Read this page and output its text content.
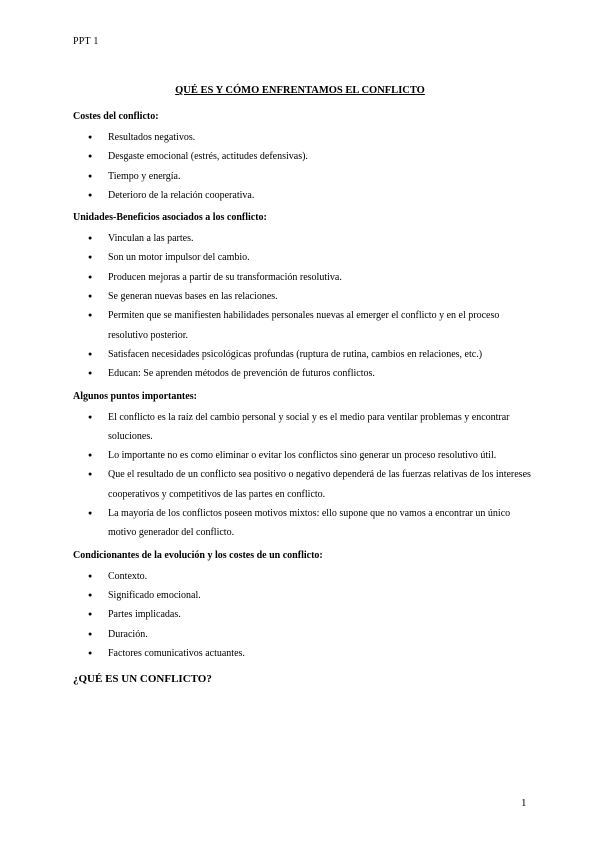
PPT 1
QUÉ ES Y CÓMO ENFRENTAMOS EL CONFLICTO

Costes del conflicto:

● Resultados negativos.
● Desgaste emocional (estrés, actitudes defensivas).
● Tiempo y energía.
● Deterioro de la relación cooperativa.

Unidades-Beneficios asociados a los conflicto:

● Vinculan a las partes.
● Son un motor impulsor del cambio.
● Producen mejoras a partir de su transformación resolutiva.
● Se generan nuevas bases en las relaciones.
● Permiten que se manifiesten habilidades personales nuevas al emerger el conflicto y en el proceso resolutivo posterior.
● Satisfacen necesidades psicológicas profundas (ruptura de rutina, cambios en relaciones, etc.)
● Educan: Se aprenden métodos de prevención de futuros conflictos.

Algunos puntos importantes:

● El conflicto es la raíz del cambio personal y social y es el medio para ventilar problemas y encontrar soluciones.
● Lo importante no es como eliminar o evitar los conflictos sino generar un proceso resolutivo útil.
● Que el resultado de un conflicto sea positivo o negativo dependerá de las fuerzas relativas de los intereses cooperativos y competitivos de las partes en conflicto.
● La mayoría de los conflictos poseen motivos mixtos: ello supone que no vamos a encontrar un único motivo generador del conflicto.

Condicionantes de la evolución y los costes de un conflicto:

● Contexto.
● Significado emocional.
● Partes implicadas.
● Duración.
● Factores comunicativos actuantes.
¿QUÉ ES UN CONFLICTO?
1
